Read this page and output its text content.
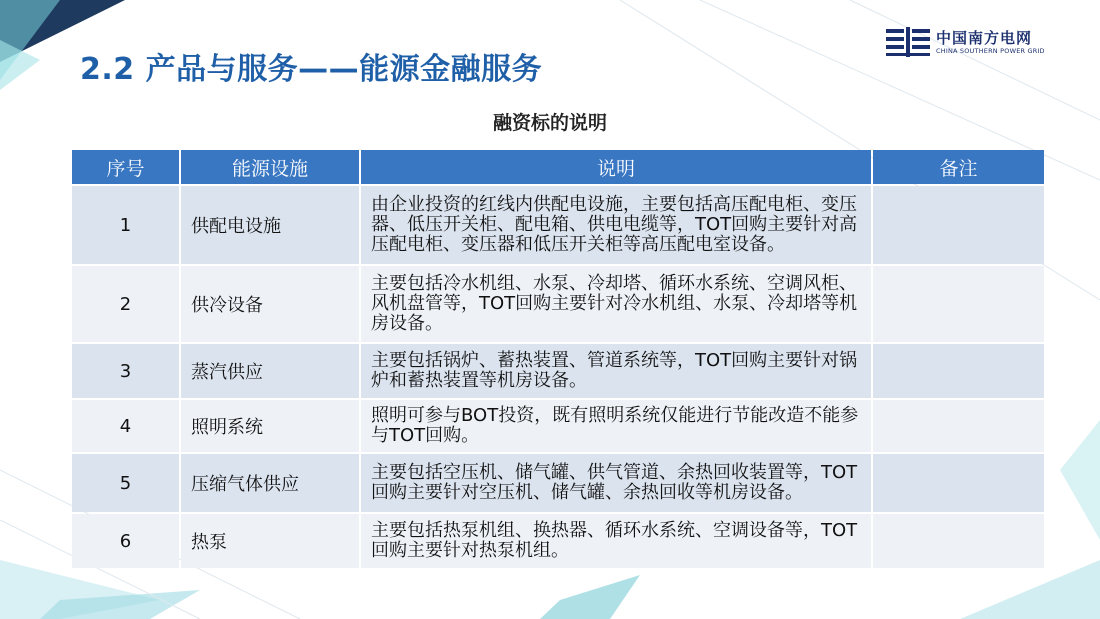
2.2 产品与服务——能源金融服务
中国南方电网
CHINA SOUTHERN POWER GRID
融资标的说明
序号	能源设施	说明	备注
1	供配电设施	由企业投资的红线内供配电设施，主要包括高压配电柜、变压器、低压开关柜、配电箱、供电电缆等，TOT回购主要针对高压配电柜、变压器和低压开关柜等高压配电室设备。	
2	供冷设备	主要包括冷水机组、水泵、冷却塔、循环水系统、空调风柜、风机盘管等，TOT回购主要针对冷水机组、水泵、冷却塔等机房设备。	
3	蒸汽供应	主要包括锅炉、蓄热装置、管道系统等，TOT回购主要针对锅炉和蓄热装置等机房设备。	
4	照明系统	照明可参与BOT投资，既有照明系统仅能进行节能改造不能参与TOT回购。	
5	压缩气体供应	主要包括空压机、储气罐、供气管道、余热回收装置等，TOT回购主要针对空压机、储气罐、余热回收等机房设备。	
6	热泵	主要包括热泵机组、换热器、循环水系统、空调设备等，TOT回购主要针对热泵机组。	
